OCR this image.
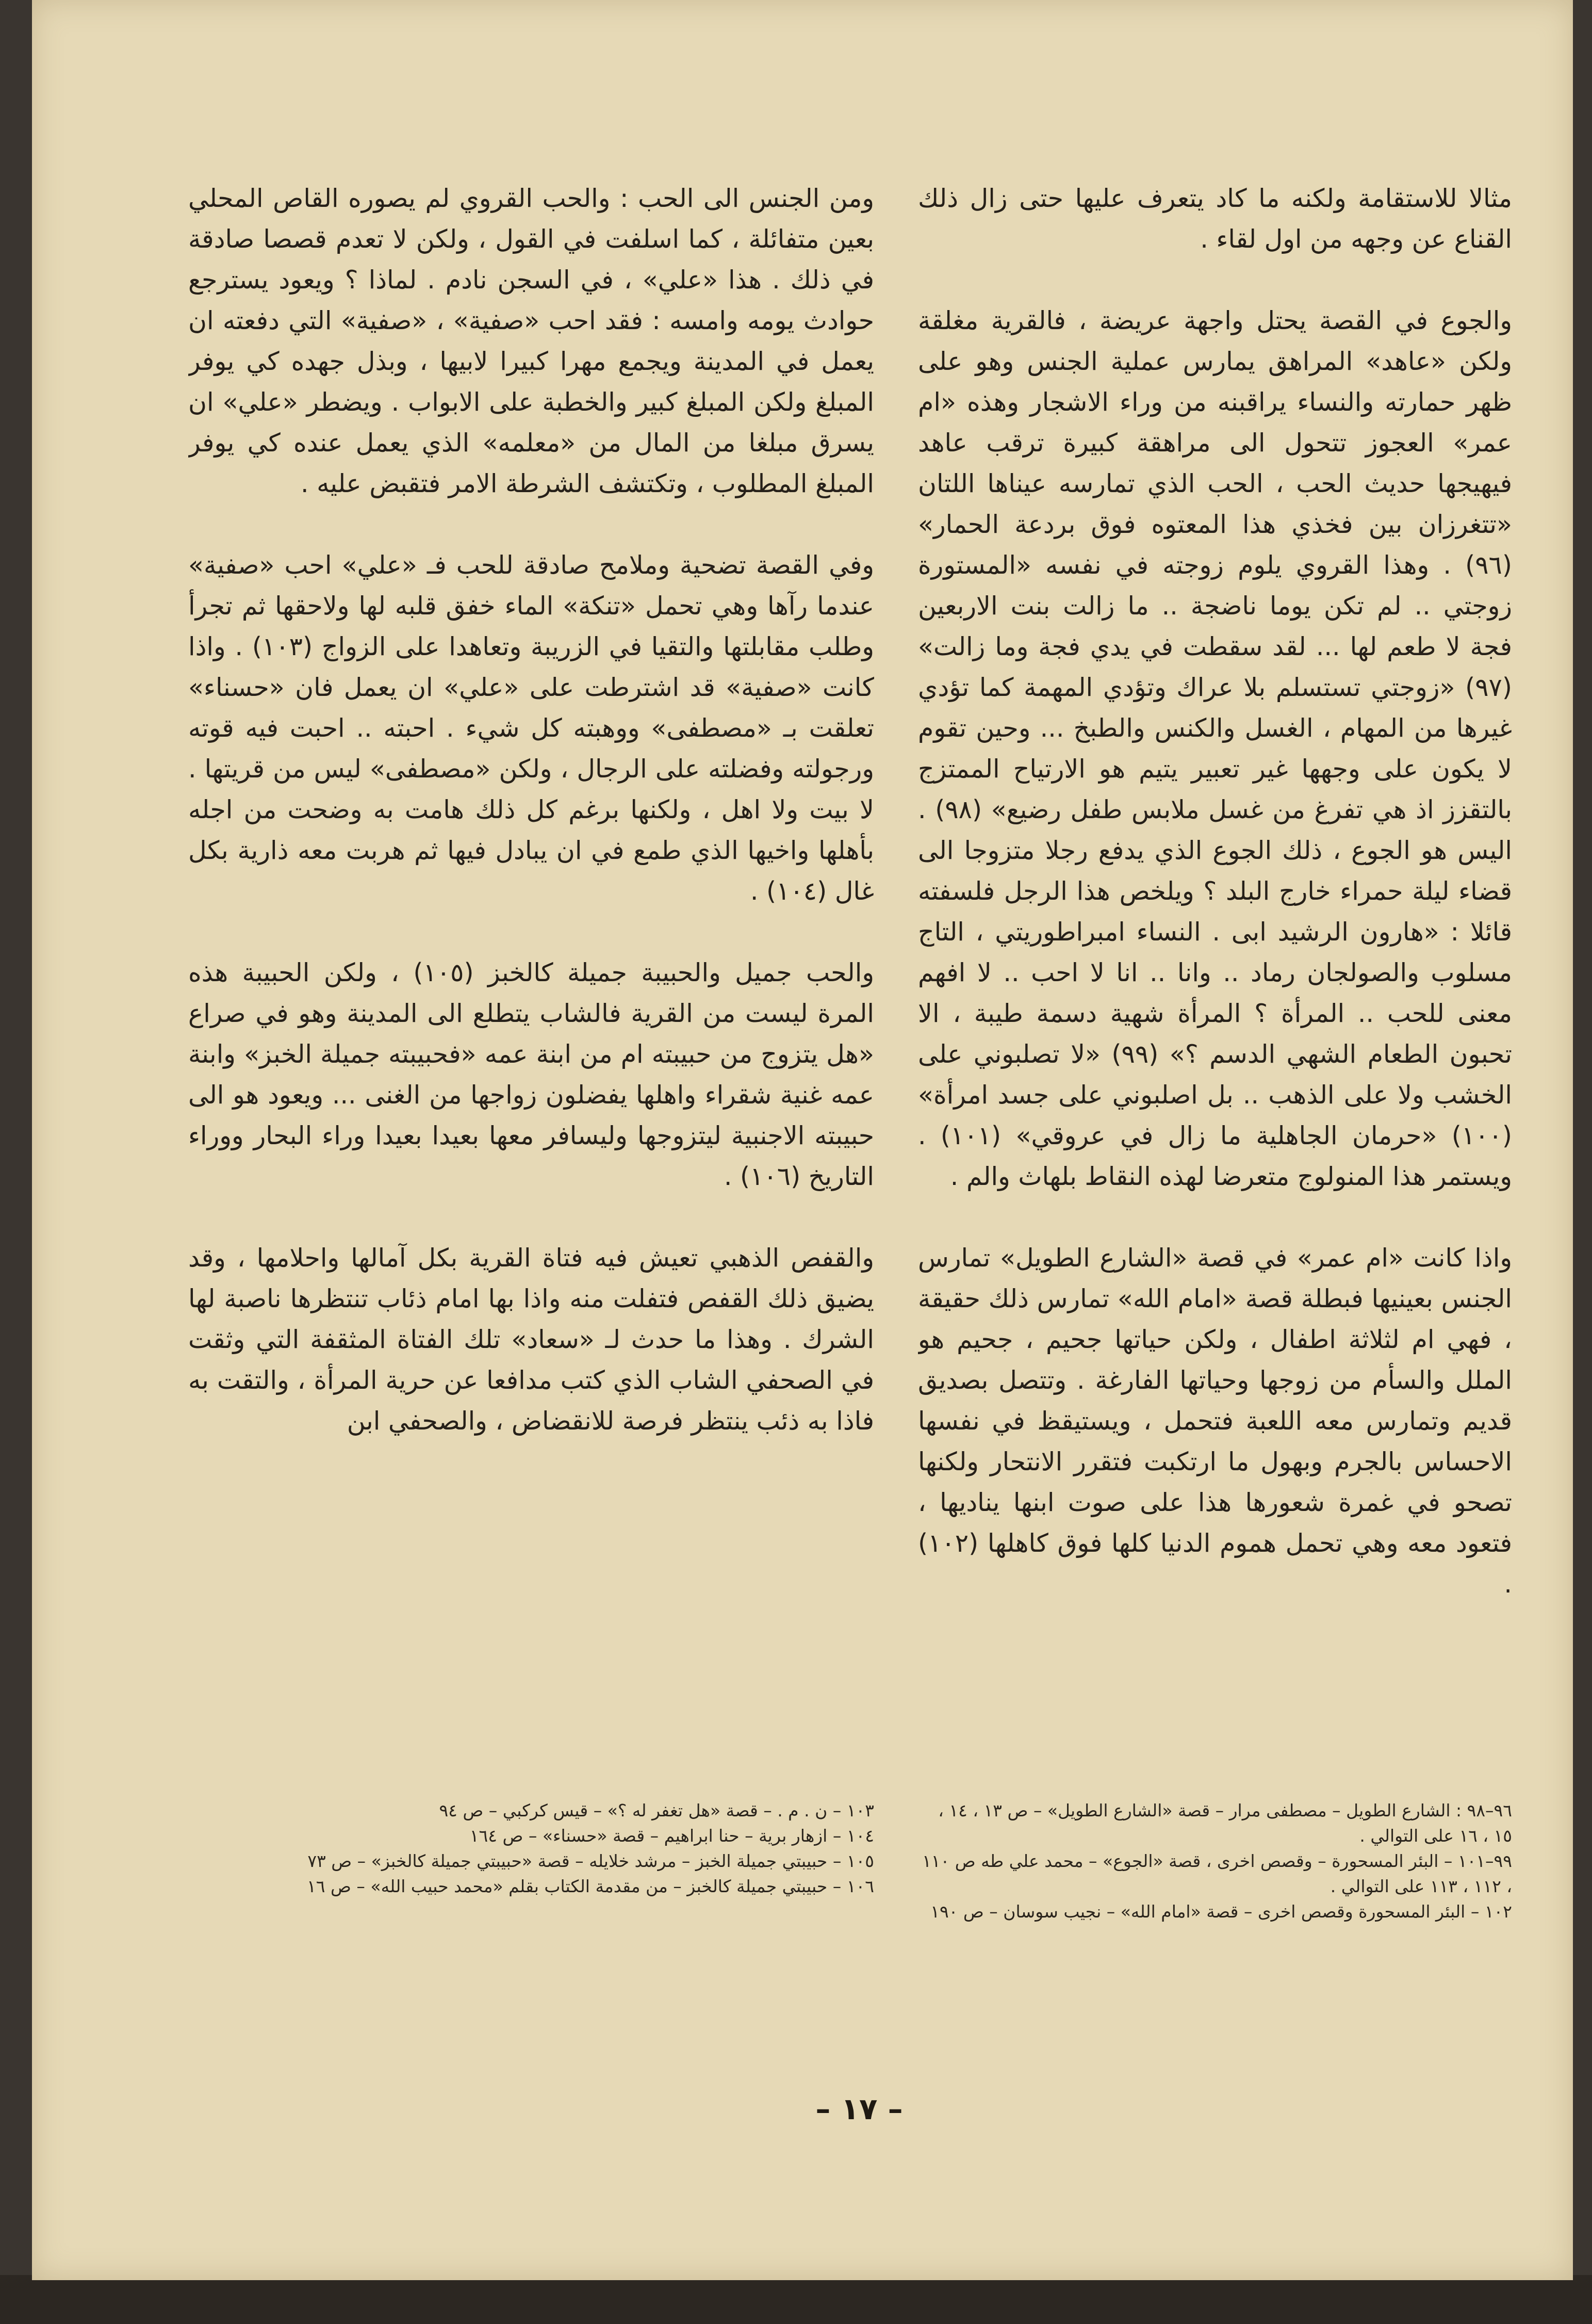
مثالا للاستقامة ولكنه ما كاد يتعرف عليها حتى زال ذلك القناع عن وجهه من اول لقاء .

والجوع في القصة يحتل واجهة عريضة ، فالقرية مغلقة ولكن «عاهد» المراهق يمارس عملية الجنس وهو على ظهر حمارته والنساء يراقبنه من وراء الاشجار وهذه «ام عمر» العجوز تتحول الى مراهقة كبيرة ترقب عاهد فيهيجها حديث الحب ، الحب الذي تمارسه عيناها اللتان «تتغرزان بين فخذي هذا المعتوه فوق بردعة الحمار» (٩٦) . وهذا القروي يلوم زوجته في نفسه «المستورة زوجتي .. لم تكن يوما ناضجة .. ما زالت بنت الاربعين فجة لا طعم لها ... لقد سقطت في يدي فجة وما زالت» (٩٧) «زوجتي تستسلم بلا عراك وتؤدي المهمة كما تؤدي غيرها من المهام ، الغسل والكنس والطبخ ... وحين تقوم لا يكون على وجهها غير تعبير يتيم هو الارتياح الممتزج بالتقزز اذ هي تفرغ من غسل ملابس طفل رضيع» (٩٨) . اليس هو الجوع ، ذلك الجوع الذي يدفع رجلا متزوجا الى قضاء ليلة حمراء خارج البلد ؟ ويلخص هذا الرجل فلسفته قائلا : «هارون الرشيد ابى . النساء امبراطوريتي ، التاج مسلوب والصولجان رماد .. وانا .. انا لا احب .. لا افهم معنى للحب .. المرأة ؟ المرأة شهية دسمة طيبة ، الا تحبون الطعام الشهي الدسم ؟» (٩٩) «لا تصلبوني على الخشب ولا على الذهب .. بل اصلبوني على جسد امرأة» (١٠٠) «حرمان الجاهلية ما زال في عروقي» (١٠١) . ويستمر هذا المنولوج متعرضا لهذه النقاط بلهاث والم .

واذا كانت «ام عمر» في قصة «الشارع الطويل» تمارس الجنس بعينيها فبطلة قصة «امام الله» تمارس ذلك حقيقة ، فهي ام لثلاثة اطفال ، ولكن حياتها جحيم ، جحيم هو الملل والسأم من زوجها وحياتها الفارغة . وتتصل بصديق قديم وتمارس معه اللعبة فتحمل ، ويستيقظ في نفسها الاحساس بالجرم وبهول ما ارتكبت فتقرر الانتحار ولكنها تصحو في غمرة شعورها هذا على صوت ابنها يناديها ، فتعود معه وهي تحمل هموم الدنيا كلها فوق كاهلها (١٠٢) .

ومن الجنس الى الحب : والحب القروي لم يصوره القاص المحلي بعين متفائلة ، كما اسلفت في القول ، ولكن لا تعدم قصصا صادقة في ذلك . هذا «علي» ، في السجن نادم . لماذا ؟ ويعود يسترجع حوادث يومه وامسه : فقد احب «صفية» ، «صفية» التي دفعته ان يعمل في المدينة ويجمع مهرا كبيرا لابيها ، وبذل جهده كي يوفر المبلغ ولكن المبلغ كبير والخطبة على الابواب . ويضطر «علي» ان يسرق مبلغا من المال من «معلمه» الذي يعمل عنده كي يوفر المبلغ المطلوب ، وتكتشف الشرطة الامر فتقبض عليه .

وفي القصة تضحية وملامح صادقة للحب فـ «علي» احب «صفية» عندما رآها وهي تحمل «تنكة» الماء خفق قلبه لها ولاحقها ثم تجرأ وطلب مقابلتها والتقيا في الزريبة وتعاهدا على الزواج (١٠٣) . واذا كانت «صفية» قد اشترطت على «علي» ان يعمل فان «حسناء» تعلقت بـ «مصطفى» ووهبته كل شيء . احبته .. احبت فيه قوته ورجولته وفضلته على الرجال ، ولكن «مصطفى» ليس من قريتها . لا بيت ولا اهل ، ولكنها برغم كل ذلك هامت به وضحت من اجله بأهلها واخيها الذي طمع في ان يبادل فيها ثم هربت معه ذارية بكل غال (١٠٤) .

والحب جميل والحبيبة جميلة كالخبز (١٠٥) ، ولكن الحبيبة هذه المرة ليست من القرية فالشاب يتطلع الى المدينة وهو في صراع «هل يتزوج من حبيبته ام من ابنة عمه «فحبيبته جميلة الخبز» وابنة عمه غنية شقراء واهلها يفضلون زواجها من الغنى ... ويعود هو الى حبيبته الاجنبية ليتزوجها وليسافر معها بعيدا بعيدا وراء البحار ووراء التاريخ (١٠٦) .

والقفص الذهبي تعيش فيه فتاة القرية بكل آمالها واحلامها ، وقد يضيق ذلك القفص فتفلت منه واذا بها امام ذئاب تنتظرها ناصبة لها الشرك . وهذا ما حدث لـ «سعاد» تلك الفتاة المثقفة التي وثقت في الصحفي الشاب الذي كتب مدافعا عن حرية المرأة ، والتقت به فاذا به ذئب ينتظر فرصة للانقضاض ، والصحفي ابن

٩٦–٩٨ : الشارع الطويل – مصطفى مرار – قصة «الشارع الطويل» – ص ١٣ ، ١٤ ، ١٥ ، ١٦ على التوالي .
٩٩–١٠١ – البئر المسحورة – وقصص اخرى ، قصة «الجوع» – محمد علي طه ص ١١٠ ، ١١٢ ، ١١٣ على التوالي .
١٠٢ – البئر المسحورة وقصص اخرى – قصة «امام الله» – نجيب سوسان – ص ١٩٠
١٠٣ – ن . م . – قصة «هل تغفر له ؟» – قيس كركبي – ص ٩٤
١٠٤ – ازهار برية – حنا ابراهيم – قصة «حسناء» – ص ١٦٤
١٠٥ – حبيبتي جميلة الخبز – مرشد خلايله – قصة «حبيبتي جميلة كالخبز» – ص ٧٣
١٠٦ – حبيبتي جميلة كالخبز – من مقدمة الكتاب بقلم «محمد حبيب الله» – ص ١٦
– ١٧ –
